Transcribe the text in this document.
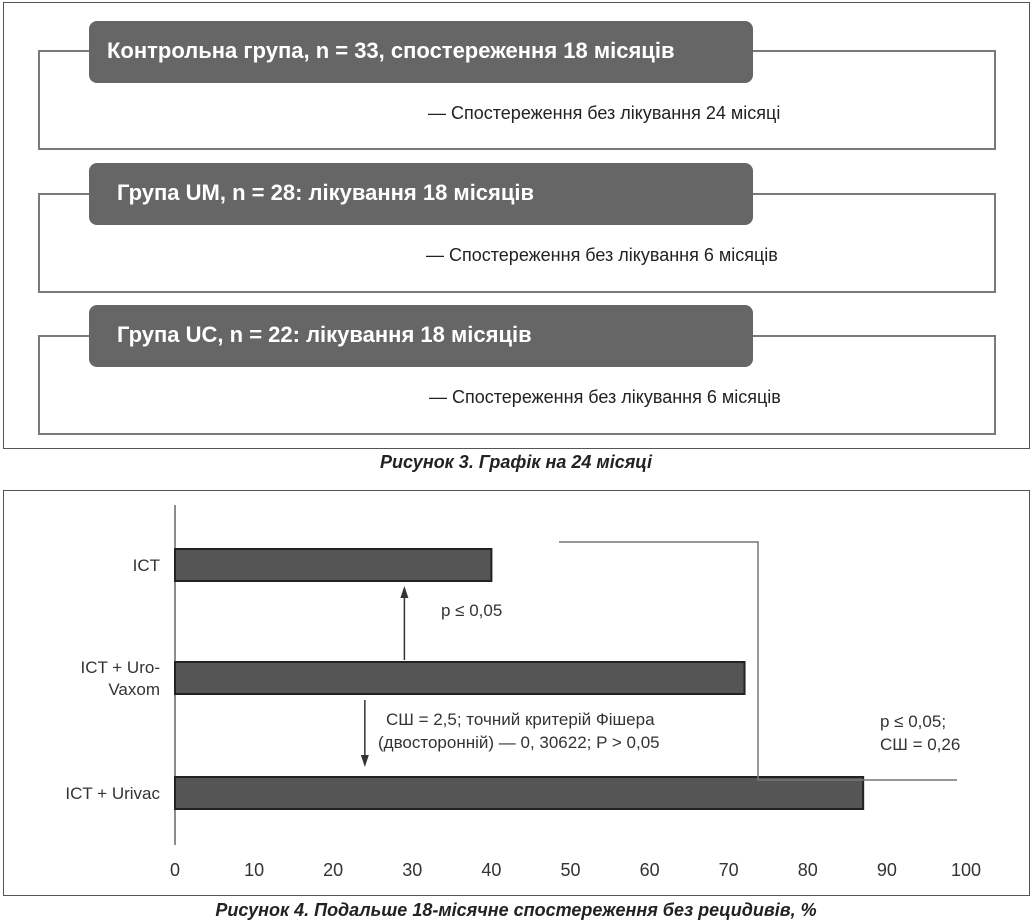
Контрольна група, n = 33, спостереження 18 місяців
— Спостереження без лікування 24 місяці
Група UM, n = 28: лікування 18 місяців
— Спостереження без лікування 6 місяців
Група UC, n = 22: лікування 18 місяців
— Спостереження без лікування 6 місяців
Рисунок 3. Графік на 24 місяці
ICT
ICT + Uro-
Vaxom
ICT + Urivac
0	10	20	30	40	50	60	70	80	90	100
p ≤ 0,05
СШ = 2,5; точний критерій Фішера
(двосторонній) — 0, 30622; P > 0,05
p ≤ 0,05;
СШ = 0,26
Рисунок 4. Подальше 18-місячне спостереження без рецидивів, %
